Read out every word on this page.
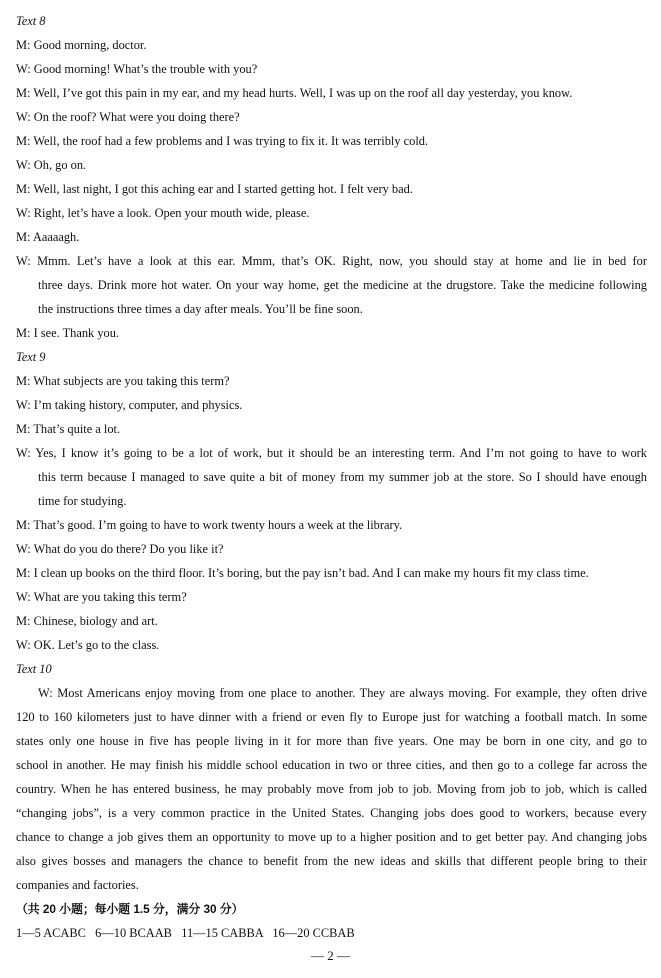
Text 8
M: Good morning, doctor.
W: Good morning! What’s the trouble with you?
M: Well, I’ve got this pain in my ear, and my head hurts. Well, I was up on the roof all day yesterday, you know.
W: On the roof? What were you doing there?
M: Well, the roof had a few problems and I was trying to fix it. It was terribly cold.
W: Oh, go on.
M: Well, last night, I got this aching ear and I started getting hot. I felt very bad.
W: Right, let’s have a look. Open your mouth wide, please.
M: Aaaaagh.
W: Mmm. Let’s have a look at this ear. Mmm, that’s OK. Right, now, you should stay at home and lie in bed for
three days. Drink more hot water. On your way home, get the medicine at the drugstore. Take the medicine following
the instructions three times a day after meals. You’ll be fine soon.
M: I see. Thank you.
Text 9
M: What subjects are you taking this term?
W: I’m taking history, computer, and physics.
M: That’s quite a lot.
W: Yes, I know it’s going to be a lot of work, but it should be an interesting term. And I’m not going to have to work
this term because I managed to save quite a bit of money from my summer job at the store. So I should have enough
time for studying.
M: That’s good. I’m going to have to work twenty hours a week at the library.
W: What do you do there? Do you like it?
M: I clean up books on the third floor. It’s boring, but the pay isn’t bad. And I can make my hours fit my class time.
W: What are you taking this term?
M: Chinese, biology and art.
W: OK. Let’s go to the class.
Text 10
W: Most Americans enjoy moving from one place to another. They are always moving. For example, they often drive
120 to 160 kilometers just to have dinner with a friend or even fly to Europe just for watching a football match. In some
states only one house in five has people living in it for more than five years. One may be born in one city, and go to
school in another. He may finish his middle school education in two or three cities, and then go to a college far across the
country. When he has entered business, he may probably move from job to job. Moving from job to job, which is called
“changing jobs”, is a very common practice in the United States. Changing jobs does good to workers, because every
chance to change a job gives them an opportunity to move up to a higher position and to get better pay. And changing jobs
also gives bosses and managers the chance to benefit from the new ideas and skills that different people bring to their
companies and factories.
（共 20 小题；每小题 1.5 分，满分 30 分）
1—5 ACABC   6—10 BCAAB   11—15 CABBA   16—20 CCBAB
— 2 —
